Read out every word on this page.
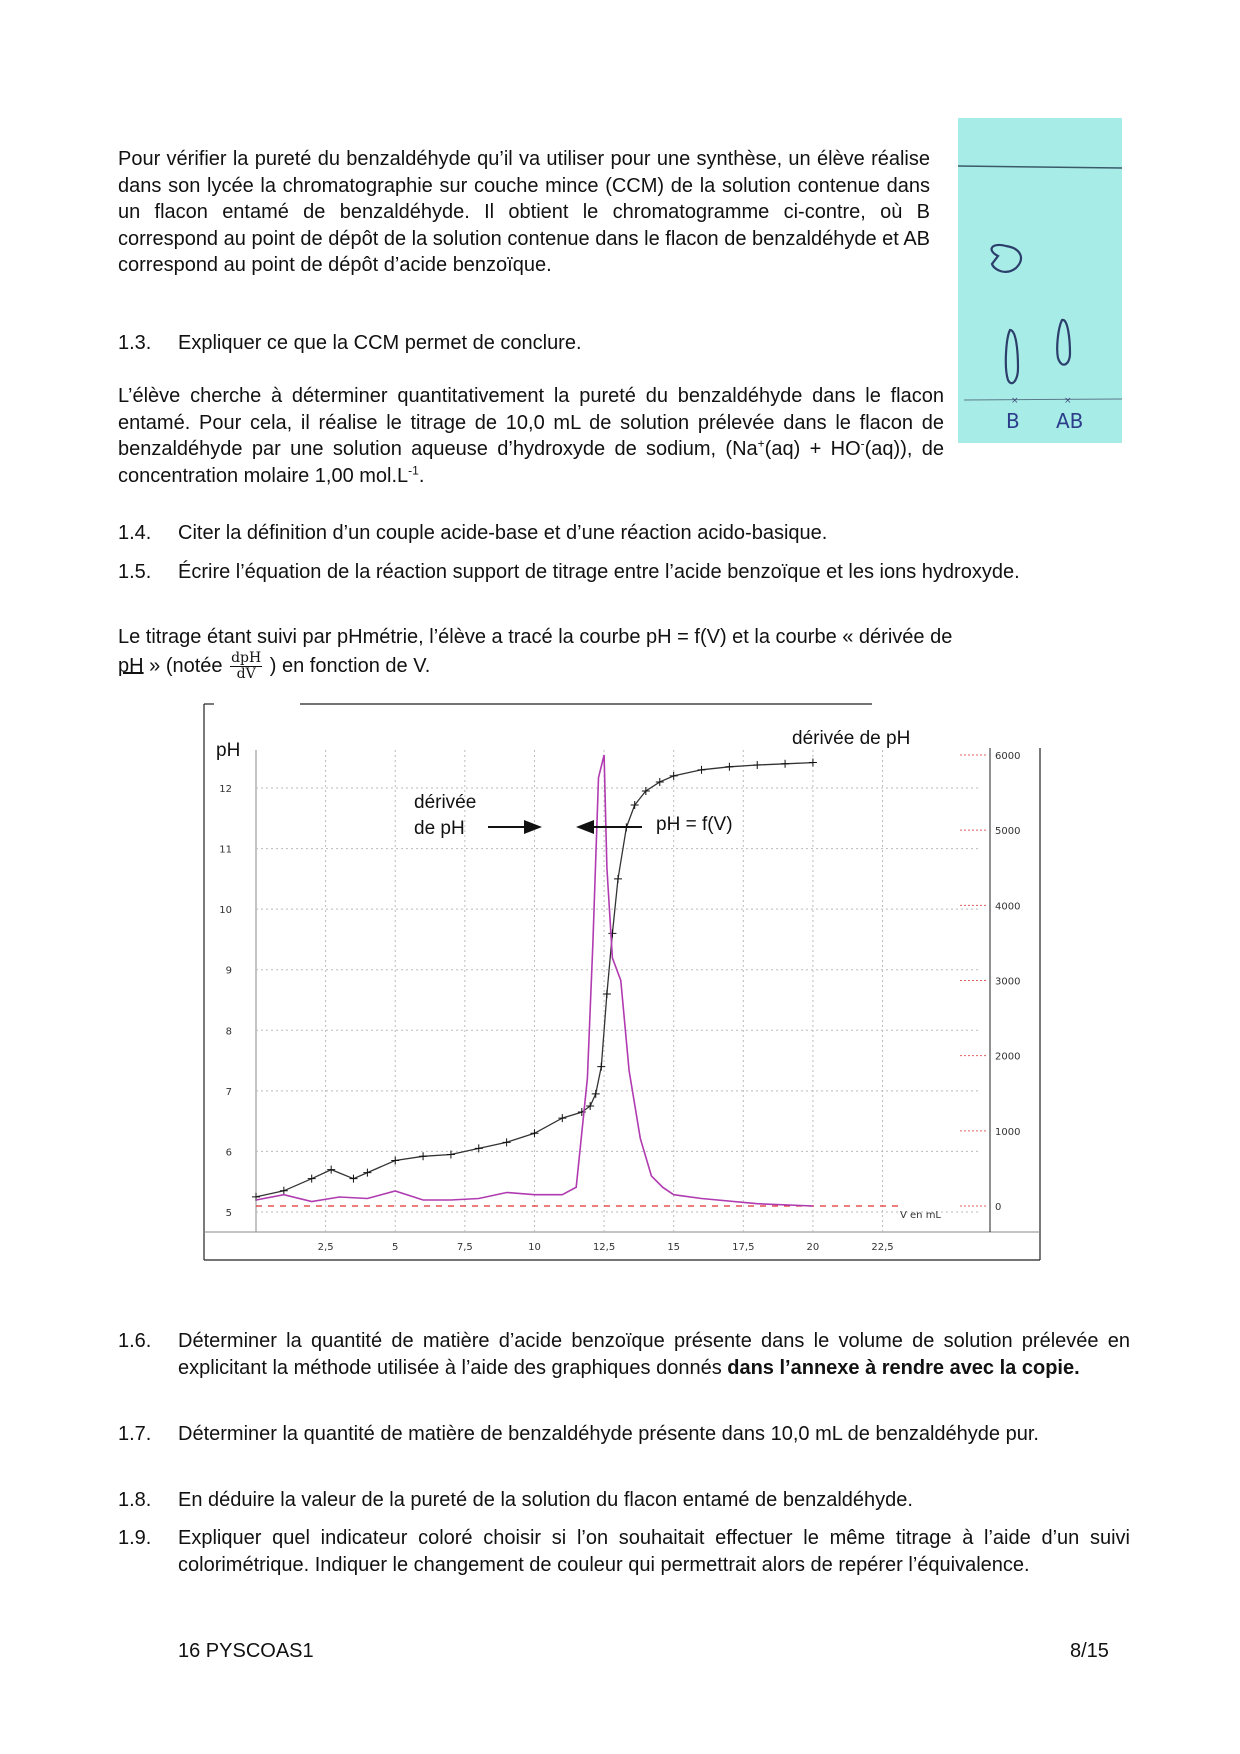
Pour vérifier la pureté du benzaldéhyde qu’il va utiliser pour une synthèse, un élève réalise dans son lycée la chromatographie sur couche mince (CCM) de la solution contenue dans un flacon entamé de benzaldéhyde. Il obtient le chromatogramme ci-contre, où B correspond au point de dépôt de la solution contenue dans le flacon de benzaldéhyde et AB correspond au point de dépôt d’acide benzoïque.
1.3. Expliquer ce que la CCM permet de conclure.
L’élève cherche à déterminer quantitativement la pureté du benzaldéhyde dans le flacon entamé. Pour cela, il réalise le titrage de 10,0 mL de solution prélevée dans le flacon de benzaldéhyde par une solution aqueuse d’hydroxyde de sodium, (Na+(aq) + HO-(aq)), de concentration molaire 1,00 $mol.L^{-1}$.
×	×
B AB
1.4. Citer la définition d’un couple acide-base et d’une réaction acido-basique.
1.5. Écrire l’équation de la réaction support de titrage entre l’acide benzoïque et les ions hydroxyde.
Le titrage étant suivi par pHmétrie, l’élève a tracé la courbe pH = f(V) et la courbe « dérivée de
pH » (notée $\frac{\text{dpH}}{dV}$ ) en fonction de V.
2,5	5	7,5	10	12,5	15	17,5	20	22,5
5
6
7
8
9
10
11
12
0
1000
2000
3000
4000
5000
6000
pH
dérivée de pH
V en mL
dérivée
de pH	pH = f(V)
1.6. Déterminer la quantité de matière d’acide benzoïque présente dans le volume de solution prélevée en explicitant la méthode utilisée à l’aide des graphiques donnés dans l’annexe à rendre avec la copie.
1.7. Déterminer la quantité de matière de benzaldéhyde présente dans 10,0 mL de benzaldéhyde pur.
1.8. En déduire la valeur de la pureté de la solution du flacon entamé de benzaldéhyde.
1.9. Expliquer quel indicateur coloré choisir si l’on souhaitait effectuer le même titrage à l’aide d’un suivi colorimétrique. Indiquer le changement de couleur qui permettrait alors de repérer l’équivalence.
16 PYSCOAS1	8/15
